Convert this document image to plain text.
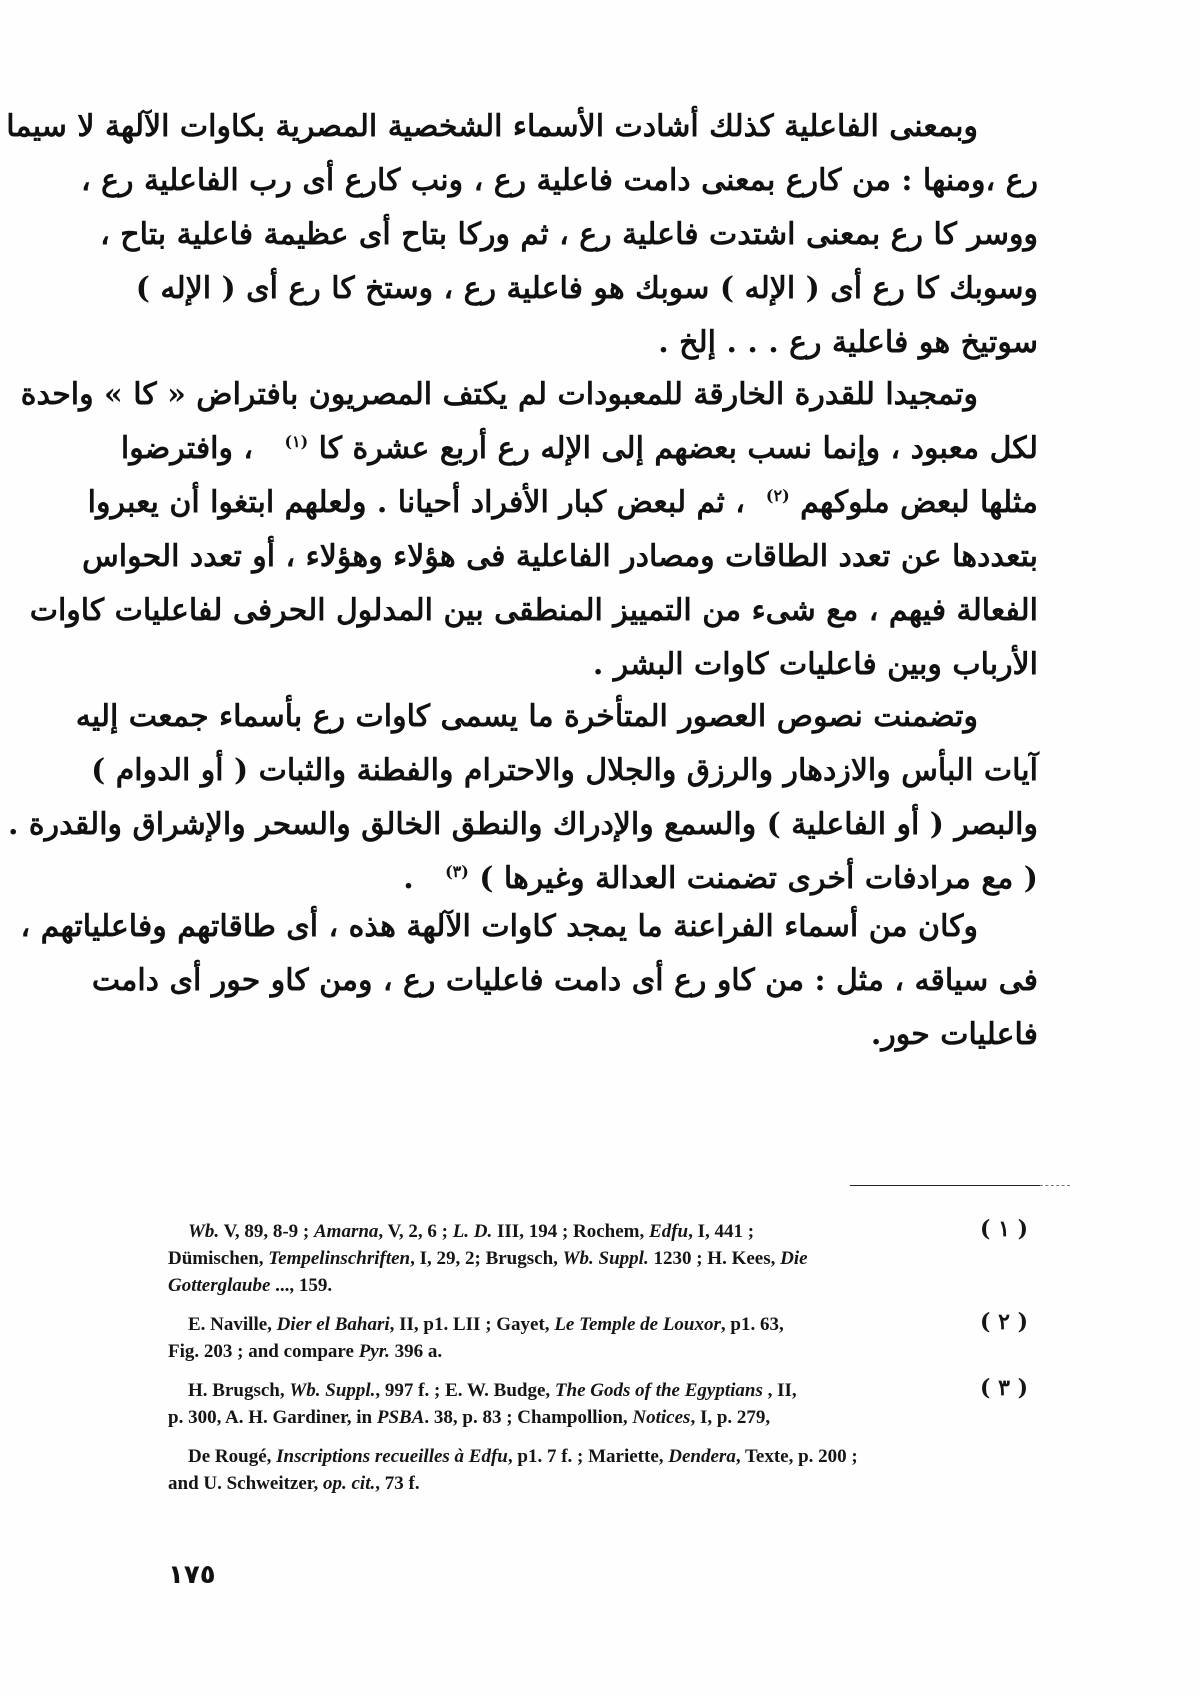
وبمعنى الفاعلية كذلك أشادت الأسماء الشخصية المصرية بكاوات الآلهة لا سيما
رع ،ومنها : من كارع بمعنى دامت فاعلية رع ، ونب كارع أى رب الفاعلية رع ،
ووسر كا رع بمعنى اشتدت فاعلية رع ، ثم وركا بتاح أى عظيمة فاعلية بتاح ،
وسوبك كا رع أى ( الإله ) سوبك هو فاعلية رع ، وستخ كا رع أى ( الإله )
سوتيخ هو فاعلية رع . . . إلخ .
وتمجيدا للقدرة الخارقة للمعبودات لم يكتف المصريون بافتراض « كا » واحدة
لكل معبود ، وإنما نسب بعضهم إلى الإله رع أربع عشرة كا $^{(١)}$   ، وافترضوا
مثلها لبعض ملوكهم $^{(٢)}$  ، ثم لبعض كبار الأفراد أحيانا . ولعلهم ابتغوا أن يعبروا
بتعددها عن تعدد الطاقات ومصادر الفاعلية فى هؤلاء وهؤلاء ، أو تعدد الحواس
الفعالة فيهم ، مع شىء من التمييز المنطقى بين المدلول الحرفى لفاعليات كاوات
الأرباب وبين فاعليات كاوات البشر .
وتضمنت نصوص العصور المتأخرة ما يسمى كاوات رع بأسماء جمعت إليه
آيات البأس والازدهار والرزق والجلال والاحترام والفطنة والثبات ( أو الدوام )
والبصر ( أو الفاعلية ) والسمع والإدراك والنطق الخالق والسحر والإشراق والقدرة .
( مع مرادفات أخرى تضمنت العدالة وغيرها ) $^{(٣)}$   .
وكان من أسماء الفراعنة ما يمجد كاوات الآلهة هذه ، أى طاقاتهم وفاعلياتهم ،
فى سياقه ، مثل : من كاو رع أى دامت فاعليات رع ، ومن كاو حور أى دامت
فاعليات حور.
( ١ )
Wb. V, 89, 8-9 ; Amarna, V, 2, 6 ; L. D. III, 194 ; Rochem, Edfu, I, 441 ;
Dümischen, Tempelinschriften, I, 29, 2; Brugsch, Wb. Suppl. 1230 ; H. Kees, Die
Gotterglaube ..., 159.
( ٢ )
E. Naville, Dier el Bahari, II, p1. LII ; Gayet, Le Temple de Louxor, p1. 63,
Fig. 203 ; and compare Pyr. 396 a.
( ٣ )
H. Brugsch, Wb. Suppl., 997 f. ; E. W. Budge, The Gods of the Egyptians , II,
p. 300, A. H. Gardiner, in PSBA. 38, p. 83 ; Champollion, Notices, I, p. 279,
De Rougé, Inscriptions recueilles à Edfu, p1. 7 f. ; Mariette, Dendera, Texte, p. 200 ;
and U. Schweitzer, op. cit., 73 f.
١٧٥
